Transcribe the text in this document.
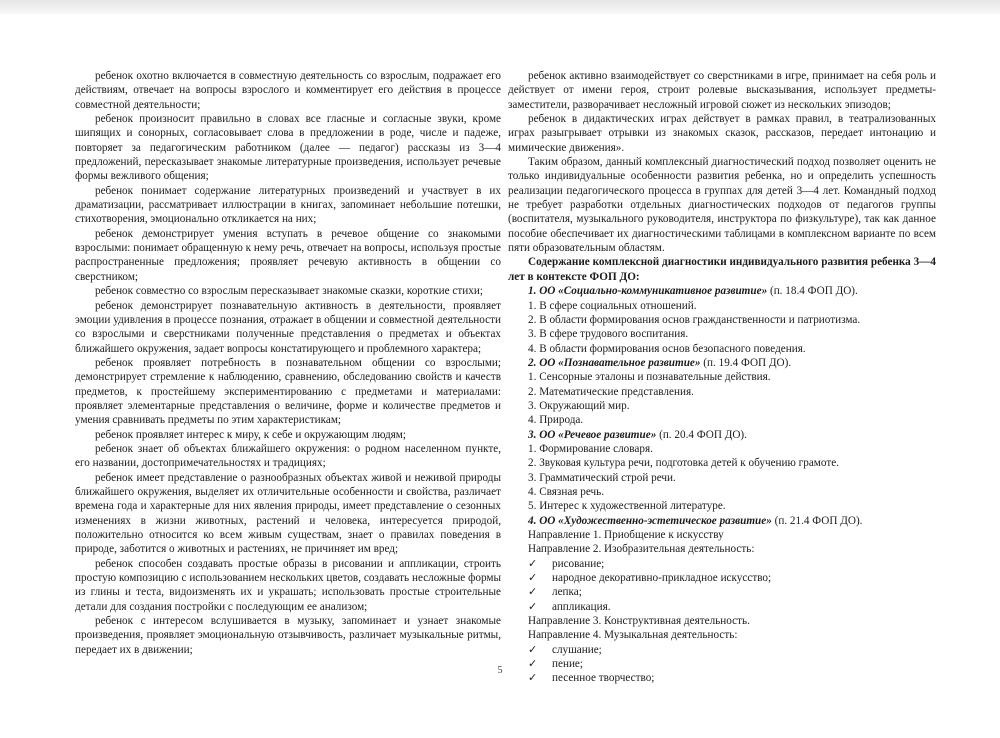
ребенок охотно включается в совместную деятельность со взрослым, подражает его действиям, отвечает на вопросы взрослого и комментирует его действия в процессе совместной деятельности;

ребенок произносит правильно в словах все гласные и согласные звуки, кроме шипящих и сонорных, согласовывает слова в предложении в роде, числе и падеже, повторяет за педагогическим работником (далее — педагог) рассказы из 3—4 предложений, пересказывает знакомые литературные произведения, использует речевые формы вежливого общения;

ребенок понимает содержание литературных произведений и участвует в их драматизации, рассматривает иллюстрации в книгах, запоминает небольшие потешки, стихотворения, эмоционально откликается на них;

ребенок демонстрирует умения вступать в речевое общение со знакомыми взрослыми: понимает обращенную к нему речь, отвечает на вопросы, используя простые распространенные предложения; проявляет речевую активность в общении со сверстником;

ребенок совместно со взрослым пересказывает знакомые сказки, короткие стихи;

ребенок демонстрирует познавательную активность в деятельности, проявляет эмоции удивления в процессе познания, отражает в общении и совместной деятельности со взрослыми и сверстниками полученные представления о предметах и объектах ближайшего окружения, задает вопросы констатирующего и проблемного характера;

ребенок проявляет потребность в познавательном общении со взрослыми; демонстрирует стремление к наблюдению, сравнению, обследованию свойств и качеств предметов, к простейшему экспериментированию с предметами и материалами: проявляет элементарные представления о величине, форме и количестве предметов и умения сравнивать предметы по этим характеристикам;

ребенок проявляет интерес к миру, к себе и окружающим людям;

ребенок знает об объектах ближайшего окружения: о родном населенном пункте, его названии, достопримечательностях и традициях;

ребенок имеет представление о разнообразных объектах живой и неживой природы ближайшего окружения, выделяет их отличительные особенности и свойства, различает времена года и характерные для них явления природы, имеет представление о сезонных изменениях в жизни животных, растений и человека, интересуется природой, положительно относится ко всем живым существам, знает о правилах поведения в природе, заботится о животных и растениях, не причиняет им вред;

ребенок способен создавать простые образы в рисовании и аппликации, строить простую композицию с использованием нескольких цветов, создавать несложные формы из глины и теста, видоизменять их и украшать; использовать простые строительные детали для создания постройки с последующим ее анализом;

ребенок с интересом вслушивается в музыку, запоминает и узнает знакомые произведения, проявляет эмоциональную отзывчивость, различает музыкальные ритмы, передает их в движении;

ребенок активно взаимодействует со сверстниками в игре, принимает на себя роль и действует от имени героя, строит ролевые высказывания, использует предметы-заместители, разворачивает несложный игровой сюжет из нескольких эпизодов;

ребенок в дидактических играх действует в рамках правил, в театрализованных играх разыгрывает отрывки из знакомых сказок, рассказов, передает интонацию и мимические движения».

Таким образом, данный комплексный диагностический подход позволяет оценить не только индивидуальные особенности развития ребенка, но и определить успешность реализации педагогического процесса в группах для детей 3—4 лет. Командный подход не требует разработки отдельных диагностических подходов от педагогов группы (воспитателя, музыкального руководителя, инструктора по физкультуре), так как данное пособие обеспечивает их диагностическими таблицами в комплексном варианте по всем пяти образовательным областям.

Содержание комплексной диагностики индивидуального развития ребенка 3—4 лет в контексте ФОП ДО:

1. ОО «Социально-коммуникативное развитие» (п. 18.4 ФОП ДО).

1. В сфере социальных отношений.

2. В области формирования основ гражданственности и патриотизма.

3. В сфере трудового воспитания.

4. В области формирования основ безопасного поведения.

2. ОО «Познавательное развитие» (п. 19.4 ФОП ДО).

1. Сенсорные эталоны и познавательные действия.

2. Математические представления.

3. Окружающий мир.

4. Природа.

3. ОО «Речевое развитие» (п. 20.4 ФОП ДО).

1. Формирование словаря.

2. Звуковая культура речи, подготовка детей к обучению грамоте.

3. Грамматический строй речи.

4. Связная речь.

5. Интерес к художественной литературе.

4. ОО «Художественно-эстетическое развитие» (п. 21.4 ФОП ДО).

Направление 1. Приобщение к искусству

Направление 2. Изобразительная деятельность:

✓ рисование;

✓ народное декоративно-прикладное искусство;

✓ лепка;

✓ аппликация.

Направление 3. Конструктивная деятельность.

Направление 4. Музыкальная деятельность:

✓ слушание;

✓ пение;

✓ песенное творчество;

5
